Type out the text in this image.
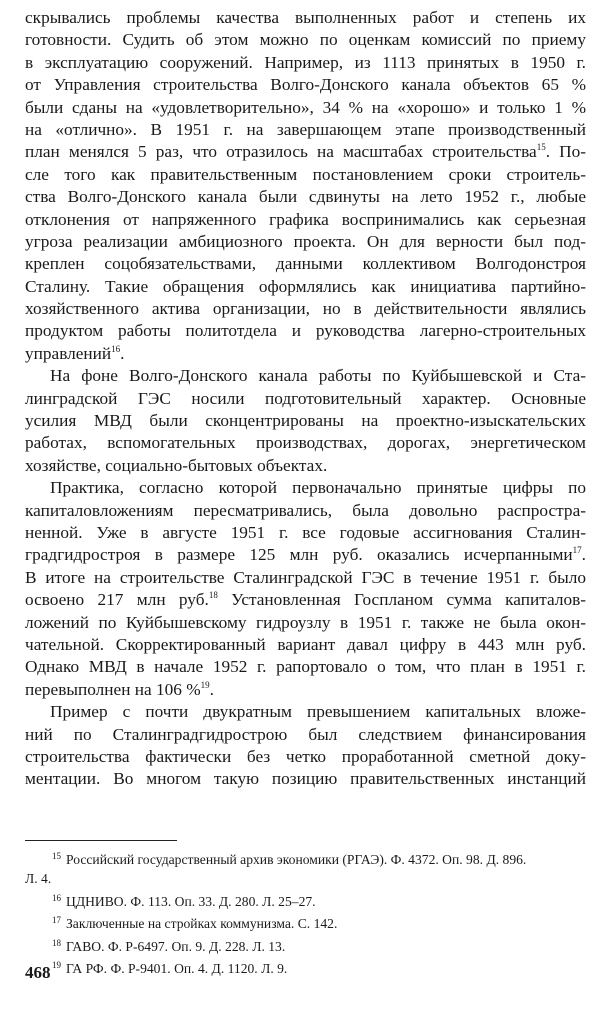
скрывались проблемы качества выполненных работ и степень их
готовности. Судить об этом можно по оценкам комиссий по приему
в эксплуатацию сооружений. Например, из 1113 принятых в 1950 г.
от Управления строительства Волго-Донского канала объектов 65 %
были сданы на «удовлетворительно», 34 % на «хорошо» и только 1 %
на «отлично». В 1951 г. на завершающем этапе производственный
план менялся 5 раз, что отразилось на масштабах строительства$^{15}$. По-
сле того как правительственным постановлением сроки строитель-
ства Волго-Донского канала были сдвинуты на лето 1952 г., любые
отклонения от напряженного графика воспринимались как серьезная
угроза реализации амбициозного проекта. Он для верности был под-
креплен соцобязательствами, данными коллективом Волгодонстроя
Сталину. Такие обращения оформлялись как инициатива партийно-
хозяйственного актива организации, но в действительности являлись
продуктом работы политотдела и руководства лагерно-строительных
управлений$^{16}$.
На фоне Волго-Донского канала работы по Куйбышевской и Ста-
линградской ГЭС носили подготовительный характер. Основные
усилия МВД были сконцентрированы на проектно-изыскательских
работах, вспомогательных производствах, дорогах, энергетическом
хозяйстве, социально-бытовых объектах.
Практика, согласно которой первоначально принятые цифры по
капиталовложениям пересматривались, была довольно распростра-
ненной. Уже в августе 1951 г. все годовые ассигнования Сталин-
градгидростроя в размере 125 млн руб. оказались исчерпанными$^{17}$.
В итоге на строительстве Сталинградской ГЭС в течение 1951 г. было
освоено 217 млн руб.$^{18}$ Установленная Госпланом сумма капиталов-
ложений по Куйбышевскому гидроузлу в 1951 г. также не была окон-
чательной. Скорректированный вариант давал цифру в 443 млн руб.
Однако МВД в начале 1952 г. рапортовало о том, что план в 1951 г.
перевыполнен на 106 %$^{19}$.
Пример с почти двукратным превышением капитальных вложе-
ний по Сталинградгидрострою был следствием финансирования
строительства фактически без четко проработанной сметной доку-
ментации. Во многом такую позицию правительственных инстанций
$^{15}$ Российский государственный архив экономики (РГАЭ). Ф. 4372. Оп. 98. Д. 896.
Л. 4.
$^{16}$ ЦДНИВО. Ф. 113. Оп. 33. Д. 280. Л. 25–27.
$^{17}$ Заключенные на стройках коммунизма. С. 142.
$^{18}$ ГАВО. Ф. Р-6497. Оп. 9. Д. 228. Л. 13.
$^{19}$ ГА РФ. Ф. Р-9401. Оп. 4. Д. 1120. Л. 9.
468
